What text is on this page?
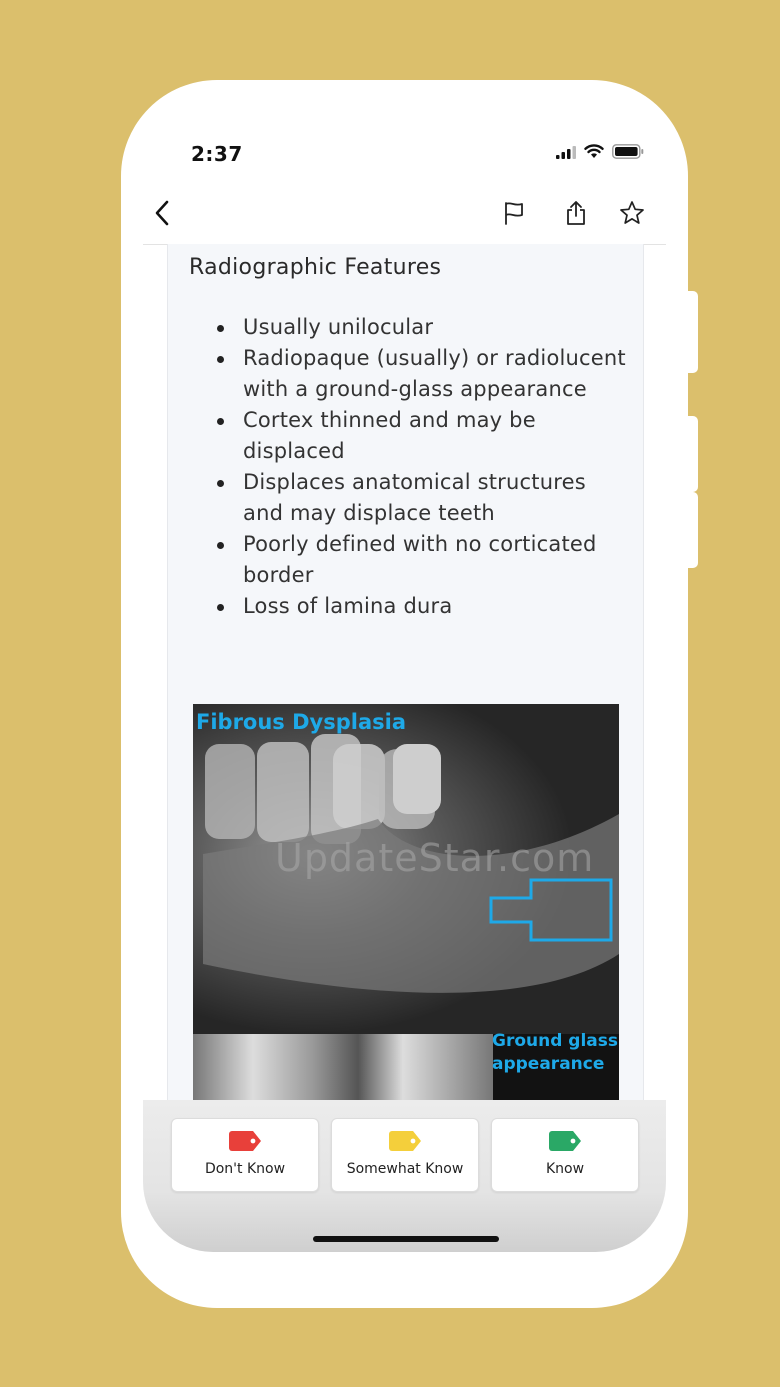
2:37
Radiographic Features
Usually unilocular
Radiopaque (usually) or radiolucent with a ground-glass appearance
Cortex thinned and may be displaced
Displaces anatomical structures and may displace teeth
Poorly defined with no corticated border
Loss of lamina dura
Fibrous Dysplasia
Ground glass appearance
UpdateStar.com
Don't Know	Somewhat Know	Know
